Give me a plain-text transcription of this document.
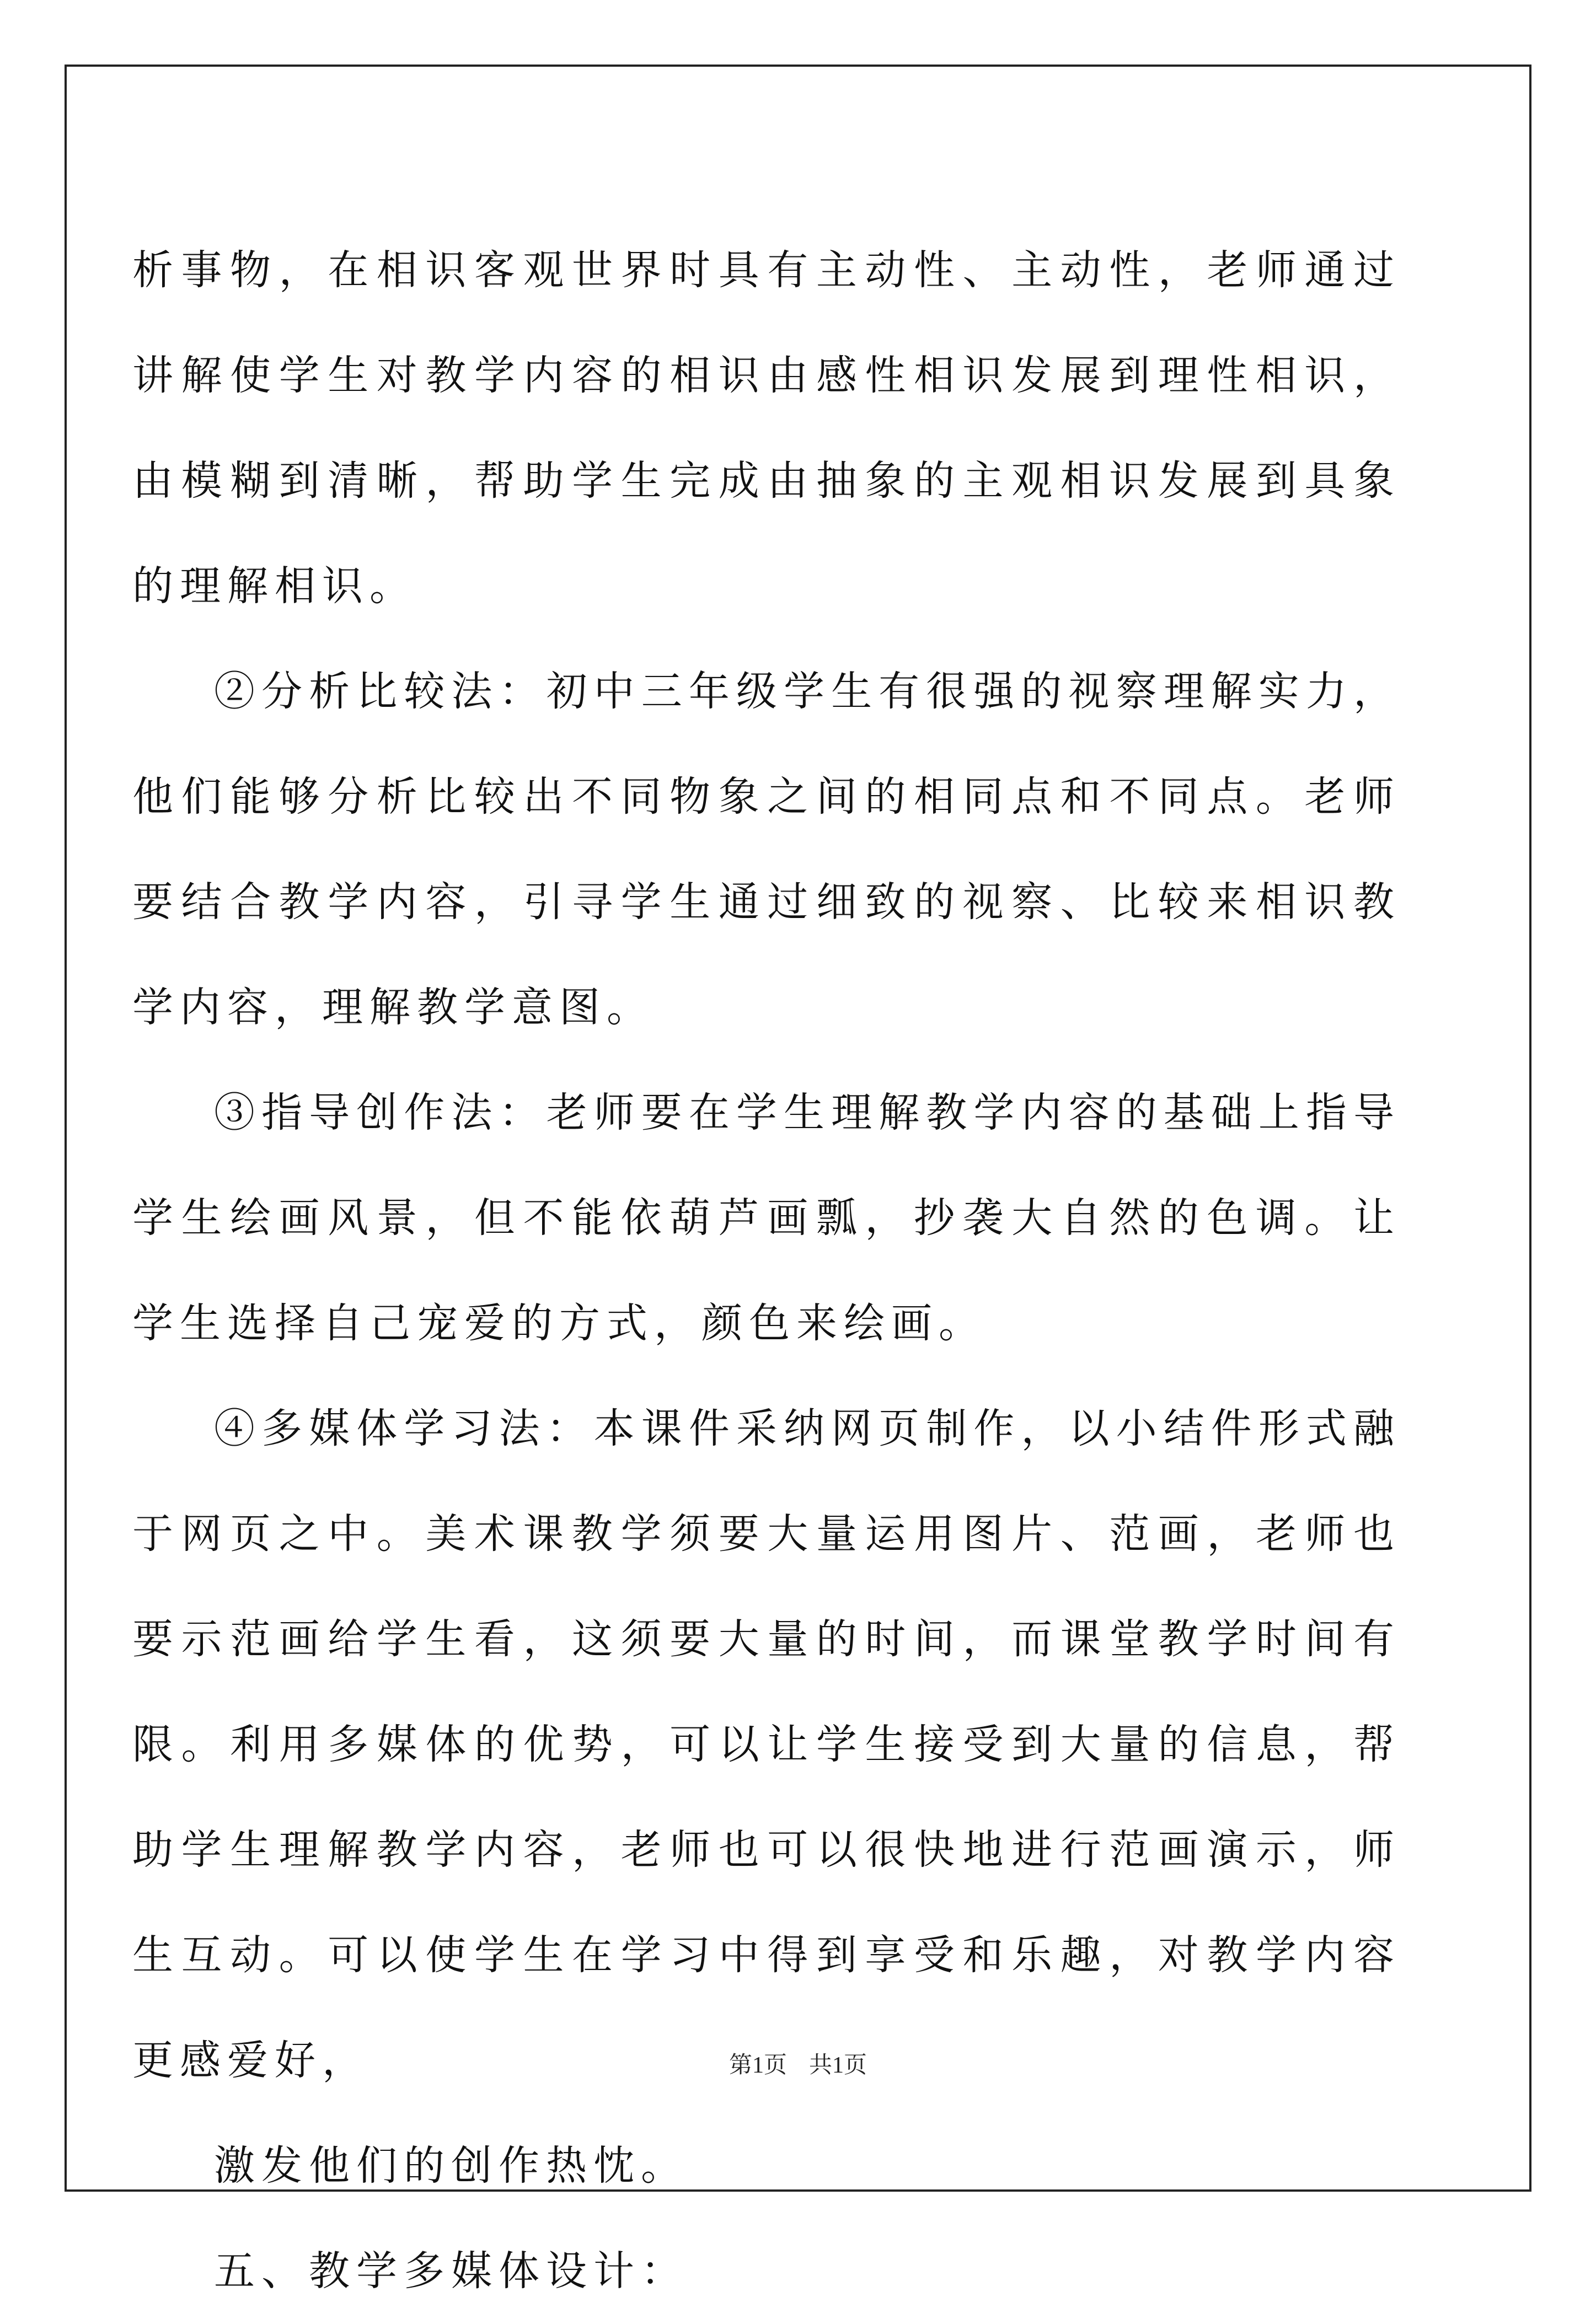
析事物，在相识客观世界时具有主动性、主动性，老师通过讲解使学生对教学内容的相识由感性相识发展到理性相识，由模糊到清晰，帮助学生完成由抽象的主观相识发展到具象的理解相识。

②分析比较法：初中三年级学生有很强的视察理解实力，他们能够分析比较出不同物象之间的相同点和不同点。老师要结合教学内容，引寻学生通过细致的视察、比较来相识教学内容，理解教学意图。

③指导创作法：老师要在学生理解教学内容的基础上指导学生绘画风景，但不能依葫芦画瓢，抄袭大自然的色调。让学生选择自己宠爱的方式，颜色来绘画。

④多媒体学习法：本课件采纳网页制作，以小结件形式融于网页之中。美术课教学须要大量运用图片、范画，老师也要示范画给学生看，这须要大量的时间，而课堂教学时间有限。利用多媒体的优势，可以让学生接受到大量的信息，帮助学生理解教学内容，老师也可以很快地进行范画演示，师生互动。可以使学生在学习中得到享受和乐趣，对教学内容更感爱好，

激发他们的创作热忱。

五、教学多媒体设计：

第1页 共1页
